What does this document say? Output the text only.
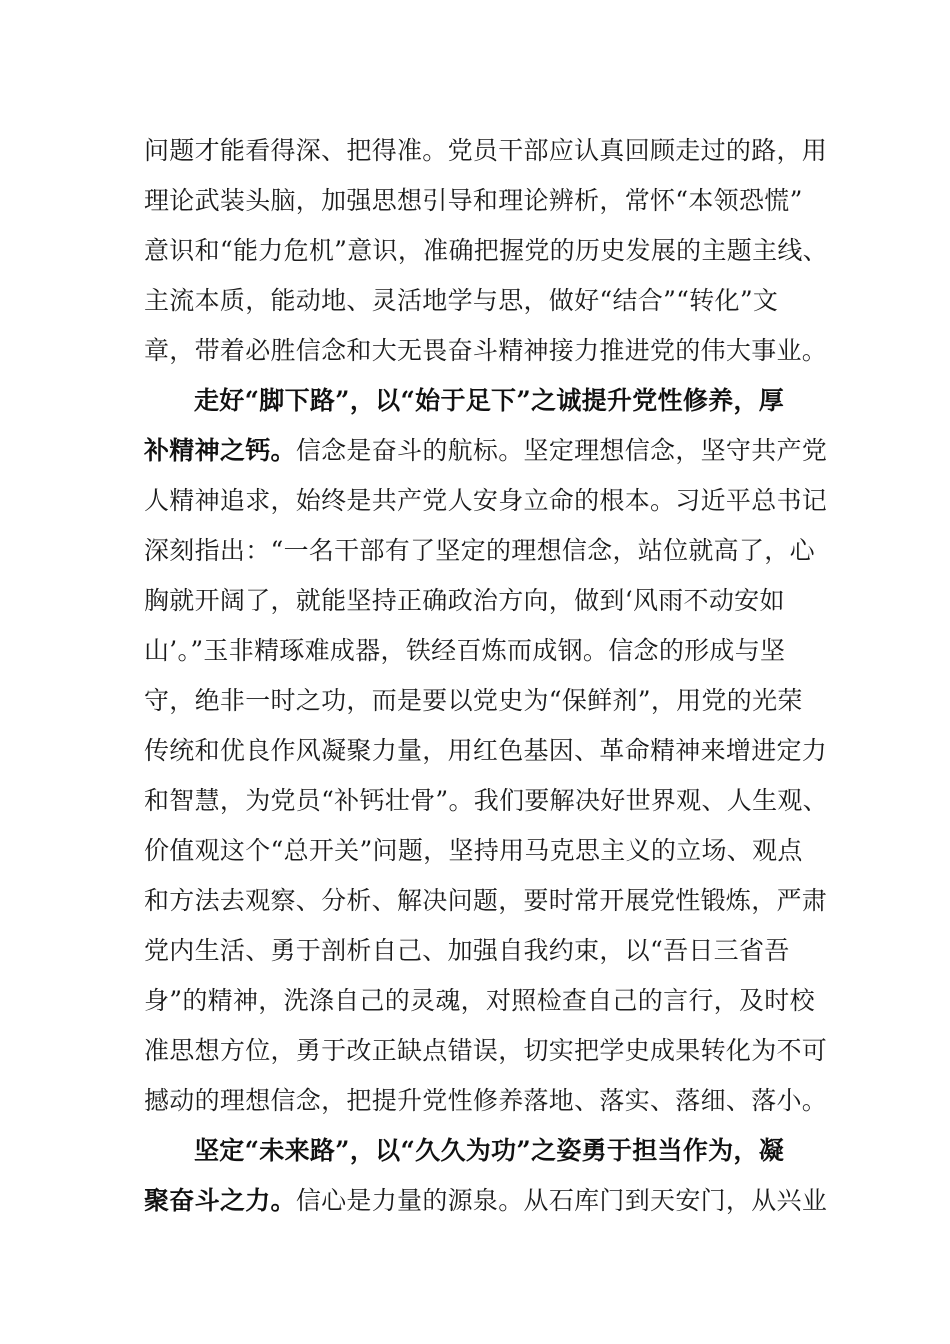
问题才能看得深、把得准。党员干部应认真回顾走过的路，用
理论武装头脑，加强思想引导和理论辨析，常怀“本领恐慌”
意识和“能力危机”意识，准确把握党的历史发展的主题主线、
主流本质，能动地、灵活地学与思，做好“结合”“转化”文
章，带着必胜信念和大无畏奋斗精神接力推进党的伟大事业。
走好“脚下路”，以“始于足下”之诚提升党性修养，厚
补精神之钙。信念是奋斗的航标。坚定理想信念，坚守共产党
人精神追求，始终是共产党人安身立命的根本。习近平总书记
深刻指出：“一名干部有了坚定的理想信念，站位就高了，心
胸就开阔了，就能坚持正确政治方向，做到‘风雨不动安如
山’。”玉非精琢难成器，铁经百炼而成钢。信念的形成与坚
守，绝非一时之功，而是要以党史为“保鲜剂”，用党的光荣
传统和优良作风凝聚力量，用红色基因、革命精神来增进定力
和智慧，为党员“补钙壮骨”。我们要解决好世界观、人生观、
价值观这个“总开关”问题，坚持用马克思主义的立场、观点
和方法去观察、分析、解决问题，要时常开展党性锻炼，严肃
党内生活、勇于剖析自己、加强自我约束，以“吾日三省吾
身”的精神，洗涤自己的灵魂，对照检查自己的言行，及时校
准思想方位，勇于改正缺点错误，切实把学史成果转化为不可
撼动的理想信念，把提升党性修养落地、落实、落细、落小。
坚定“未来路”，以“久久为功”之姿勇于担当作为，凝
聚奋斗之力。信心是力量的源泉。从石库门到天安门，从兴业
